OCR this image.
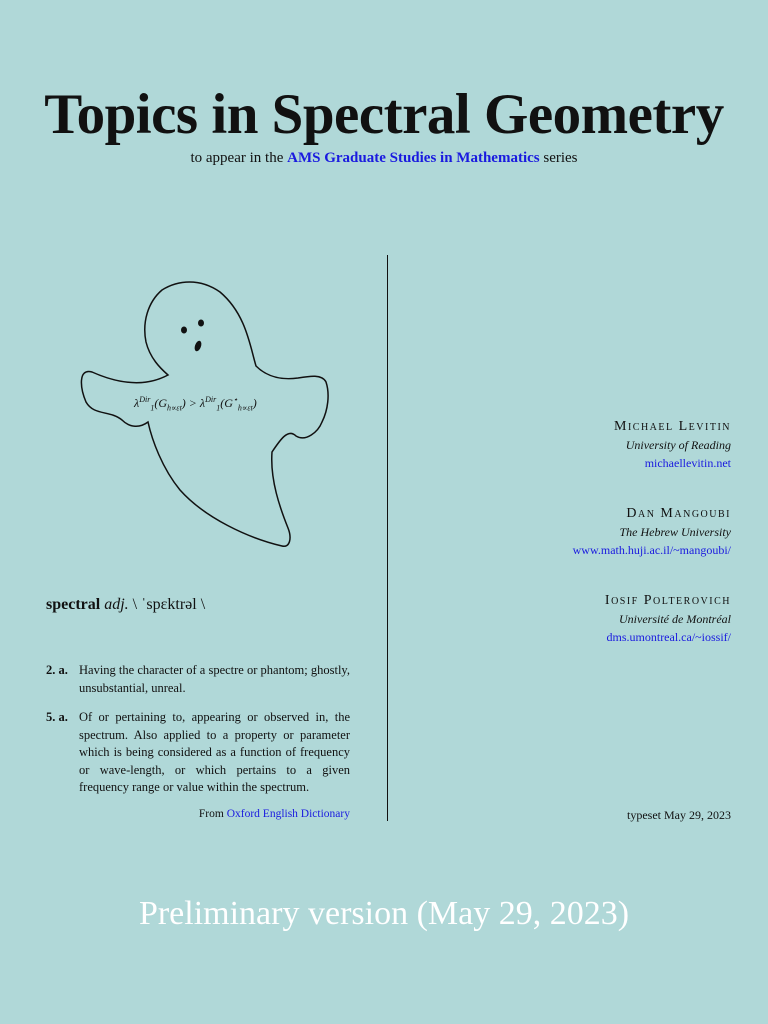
Topics in Spectral Geometry
to appear in the AMS Graduate Studies in Mathematics series
$\lambda^{Dir}_1(G_{h\propto\varepsilon t}) > \lambda^{Dir}_1(G^⋆_{h\propto\varepsilon t})$
spectral adj. \ ˈspɛktrəl \
2. a. Having the character of a spectre or phantom; ghostly, unsubstantial, unreal.
5. a. Of or pertaining to, appearing or observed in, the spectrum. Also applied to a property or parameter which is being considered as a function of frequency or wave-length, or which pertains to a given frequency range or value within the spectrum.
From Oxford English Dictionary
Michael Levitin
University of Reading
michaellevitin.net
Dan Mangoubi
The Hebrew University
www.math.huji.ac.il/~mangoubi/
Iosif Polterovich
Université de Montréal
dms.umontreal.ca/~iossif/
typeset May 29, 2023
Preliminary version (May 29, 2023)
